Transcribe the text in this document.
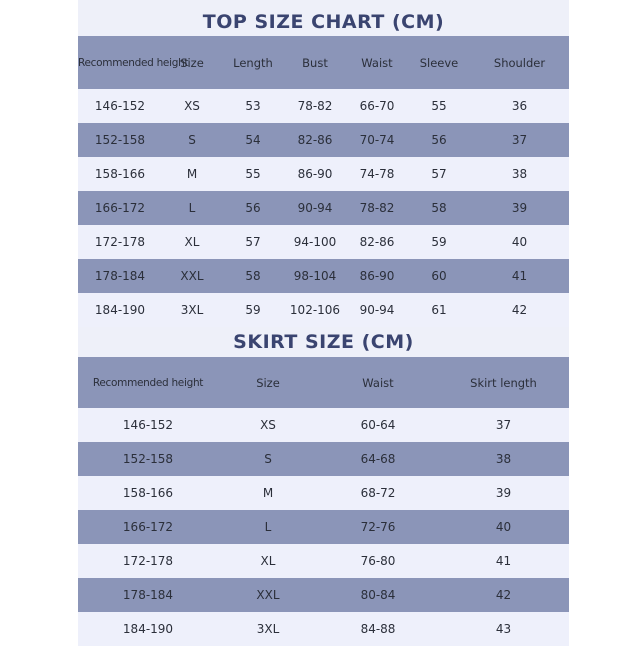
TOP SIZE CHART (CM)
Recommended height	Size	Length	Bust	Waist	Sleeve	Shoulder
146-152	XS	53	78-82	66-70	55	36
152-158	S	54	82-86	70-74	56	37
158-166	M	55	86-90	74-78	57	38
166-172	L	56	90-94	78-82	58	39
172-178	XL	57	94-100	82-86	59	40
178-184	XXL	58	98-104	86-90	60	41
184-190	3XL	59	102-106	90-94	61	42
SKIRT SIZE (CM)
Recommended height	Size	Waist	Skirt length
146-152	XS	60-64	37
152-158	S	64-68	38
158-166	M	68-72	39
166-172	L	72-76	40
172-178	XL	76-80	41
178-184	XXL	80-84	42
184-190	3XL	84-88	43
